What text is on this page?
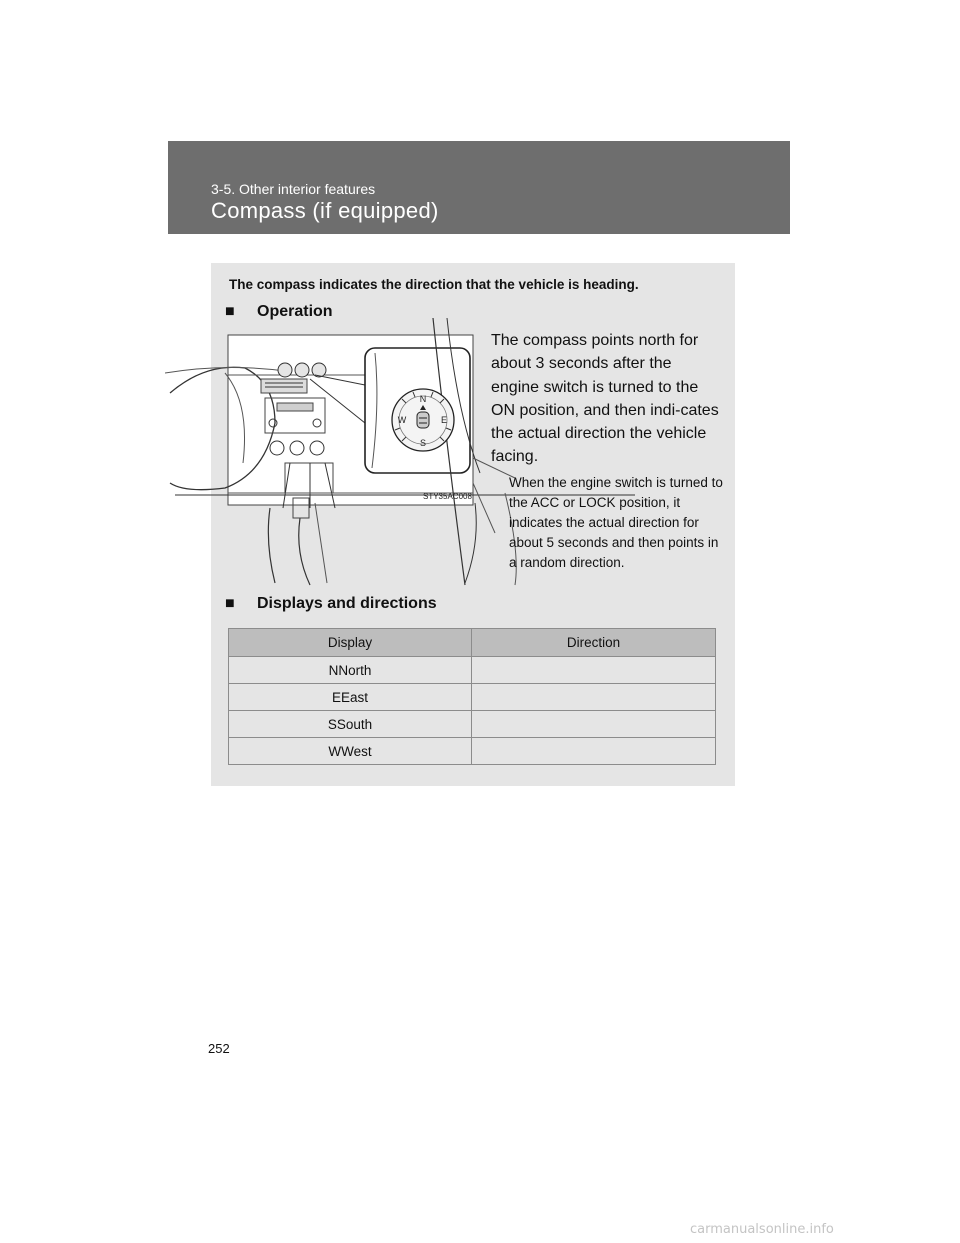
3-5. Other interior features
Compass (if equipped)
The compass indicates the direction that the vehicle is heading.
■ Operation
■ Displays and directions
N
E
S
W
STY35AC008
The compass points north for about 3 seconds after the engine switch is turned to the ON position, and then indi-cates the actual direction the vehicle facing.
When the engine switch is turned to the ACC or LOCK position, it indicates the actual direction for about 5 seconds and then points in a random direction.
Display	Direction
NNorth	
EEast	
SSouth	
WWest	
252
carmanualsonline.info
